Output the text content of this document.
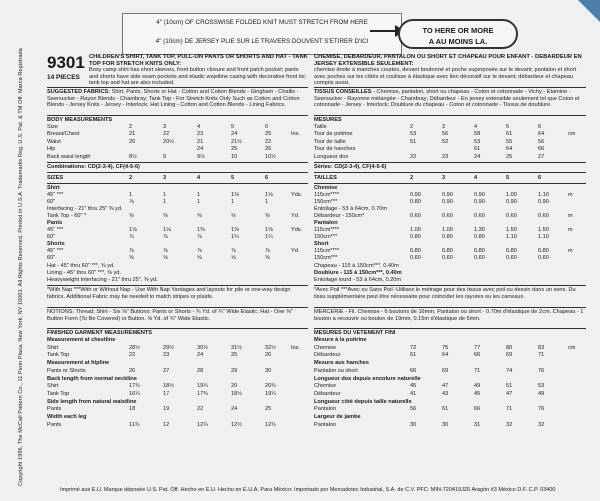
4" (10cm) OF CROSSWISE FOLDED KNIT MUST STRETCH FROM HERE
4" (10cm) DE JERSEY PLIE SUR LE TRAVERS DOUVENT S'ETIRER D'ICI
TO HERE OR MORE
A AU MOINS LA.
Copyright 1996, The McCall Pattern Co., 11 Penn Plaza, New York, NY 10001. All Rights Reserved. Printed in U.S.A. Trademarks Reg. U.S. Pat. & TM Off. Marca Registrada 9301
14 PIECES
CHILDREN'S SHIRT, TANK TOP, PULL-ON PANTS OR SHORTS AND HAT - TANK TOP FOR STRETCH KNITS ONLY:
Boxy camp shirt has short sleeves, front button closure and front patch pocket; pants and shorts have side seam pockets and elastic waistline casing with decorative front tie; tank top and hat are also included.
SUGGESTED FABRICS: Shirt, Pants, Shorts or Hat - Cotton and Cotton Blends - Gingham - Challis - Seersucker - Rayon Blends - Chambray; Tank Top - For Stretch Knits Only Such as Cotton and Cotton Blends - Jersey Knits - Jersey - Interlock; Hat Lining - Cotton and Cotton Blends - Lining Fabrics.
BODY MEASUREMENTS
Size	2	3	4	5	6
Breast/Chest	21	22	23	24	25	Ins.
Waist	20	20½	21	21½	22
Hip	24	25	26
Back waist length	8½	9	9½	10	10½
Combinations: CD(2-3-4), CF(4-5-6)
SIZES	2	3	4	5	6
Shirt
45" ***	1	1	1	1⅛	1⅛	Yds.
60"	⅞	1	1	1	1
Interfacing - 21" thru 25" ⅜ yd.
Tank Top - 60" *	⅝	⅝	⅝	⅝	⅝	Yd.
Pants
45" ***	1⅛	1⅛	1⅜	1⅝	1⅝	Yds.
60"	⅞	⅞	⅞	1¼	1¼
Shorts
45" ***	⅞	⅞	⅞	⅞	⅞	Yd.
60"	⅝	⅝	⅝	⅝	⅝
Hat - 45" thru 60" ***, ⅜ yd.
Lining - 45" thru 60" ***, ⅜ yd.
Heavyweight Interfacing - 21" thru 25", ⅜ yd.
*With Nap ***With or Without Nap - Use With Nap Yardages and layouts for pile or one-way design fabrics. Additional Fabric may be needed to match stripes or plaids.
NOTIONS: Thread; Shirt - Six ⅝" Buttons; Pants or Shorts - ¾ Yd. of ¾" Wide Elastic; Hat - One ⅝" Button Form (To Be Covered) or Button. ⅝ Yd. of ¾" Wide Elastic.
FINISHED GARMENT MEASUREMENTS
Measurement at chestline
Shirt	28½	29½	30½	31½	32½	Ins.
Tank Top	22	23	24	25	26
Measurement at hipline
Pants or Shorts	26	27	28	29	30
Back length from normal neckline
Shirt	17¾	18½	19¼	20	20¾
Tank Top	16¼	17	17¾	18½	19¼
Side length from natural waistline
Pants	18	19	22	24	25
Width each leg
Pants	11¾	12	12¼	12½	12¾
CHEMISE, DEBARDEUR, PANTALON OU SHORT ET CHAPEAU POUR ENFANT - DEBARDEUR EN JERSEY EXTENSIBLE SEULEMENT:
chemise droite à manches courtes, devant boutonné et poche superposée sur le devant; pantalon et short avec poches sur les côtés et coulisse à élastique avec lien décoratif sur le devant; débardeur et chapeau compris aussi.
TISSUS CONSEILLES - Chemise, pantalon, short ou chapeau - Coton et cotonnade - Vichy - Etamine - Seersucker - Rayonne mélangée - Chambray; Débardeur - En jersey extensible seulement tel que Coton et cotonnade - Jersey - Interlock; Doublure du chapeau - Coton et cotonnade - Tissus de doublure.
MESURES
Taille	2	3	4	5	6
Tour de poitrine	53	56	58	61	64	cm
Tour de taille	51	52	53	55	56
Tour de hanches	61	64	66
Longueur dos	22	23	24	25	27
Séries: CD(2-3-4), CF(4-5-6)
TAILLES	2	3	4	5	6
Chemise
115cm****	0.90	0.90	0.90	1.00	1.10	m
150cm***	0.80	0.90	0.90	0.90	0.90
Entoilage - 53 à 64cm, 0.70m
Débardeur - 150cm*	0.60	0.60	0.60	0.60	0.60	m
Pantalon
115cm****	1.00	1.00	1.30	1.50	1.50	m
150cm***	0.80	0.80	0.80	1.10	1.10
Short
115cm****	0.80	0.80	0.80	0.80	0.80	m
150cm***	0.60	0.60	0.60	0.60	0.60
Chapeau - 115 à 150cm***, 0.40m
Doublure - 115 à 150cm***, 0.40m
Entoilage lourd - 53 à 64cm, 0.20m
*Avec Poil ***Avec ou Sans Poil -Utilisez le métrage pour des tissus avec poil ou dessin dans un sens. Du tissu supplémentaire peut être nécessaire pour coïncider les rayures ou les carreaux.
MERCERIE - Fil. Chemise - 6 boutons de 16mm. Pantalon ou short - 0.70m d'élastique de 2cm. Chapeau - 1 bouton à recouvrir ou bouton de 19mm, 0.15m d'élastique de 6mm.
MESURES DU VETEMENT FINI
Mesure à la poitrine
Chemise	72	75	77	80	83	cm
Débardeur	61	64	66	69	71
Mesure aux hanches
Pantalon ou short	66	69	71	74	76
Longueur dos depuis encolure naturelle
Chemise	45	47	49	51	53
Débardeur	41	43	45	47	49
Longueur côté depuis taille naturelle
Pantalon	56	61	66	71	76
Largeur de jambe
Pantalon	30	30	31	32	32
Imprimé aux E.U. Marque déposée U.S. Pat. Off. Hecho en E.U. Hecho en E.U.A. Para México: Importado por Mercadotec Industrial, S.A. de C.V. PFC: MIN-720419JZ6 Aragón #3 México D.F. C.P. 03400
